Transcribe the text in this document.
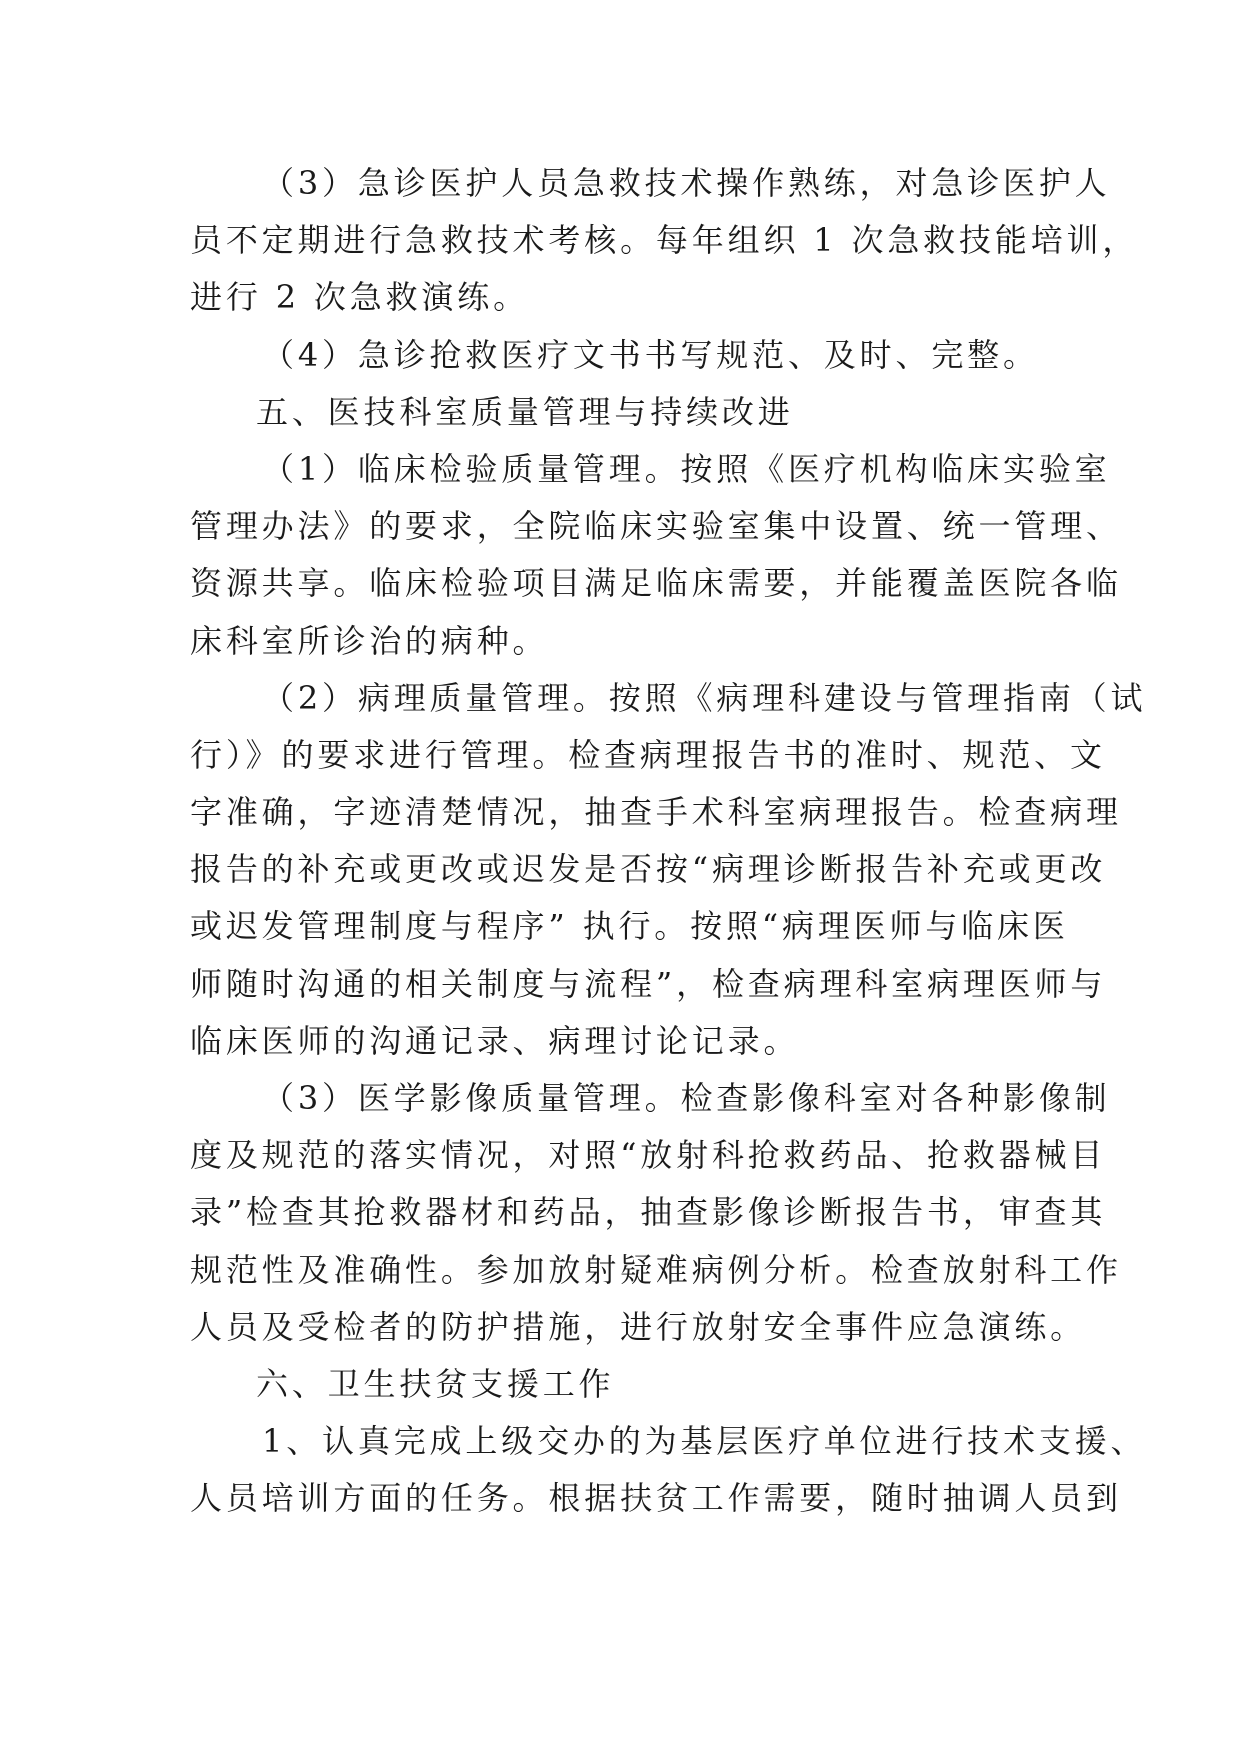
（3）急诊医护人员急救技术操作熟练，对急诊医护人
员不定期进行急救技术考核。每年组织 1 次急救技能培训，
进行 2 次急救演练。
（4）急诊抢救医疗文书书写规范、及时、完整。
五、医技科室质量管理与持续改进
（1）临床检验质量管理。按照《医疗机构临床实验室
管理办法》的要求，全院临床实验室集中设置、统一管理、
资源共享。临床检验项目满足临床需要，并能覆盖医院各临
床科室所诊治的病种。
（2）病理质量管理。按照《病理科建设与管理指南（试
行）》的要求进行管理。检查病理报告书的准时、规范、文
字准确，字迹清楚情况，抽查手术科室病理报告。检查病理
报告的补充或更改或迟发是否按“病理诊断报告补充或更改
或迟发管理制度与程序” 执行。按照“病理医师与临床医
师随时沟通的相关制度与流程”，检查病理科室病理医师与
临床医师的沟通记录、病理讨论记录。
（3）医学影像质量管理。检查影像科室对各种影像制
度及规范的落实情况，对照“放射科抢救药品、抢救器械目
录”检查其抢救器材和药品，抽查影像诊断报告书，审查其
规范性及准确性。参加放射疑难病例分析。检查放射科工作
人员及受检者的防护措施，进行放射安全事件应急演练。
六、卫生扶贫支援工作
1、认真完成上级交办的为基层医疗单位进行技术支援、
人员培训方面的任务。根据扶贫工作需要，随时抽调人员到
